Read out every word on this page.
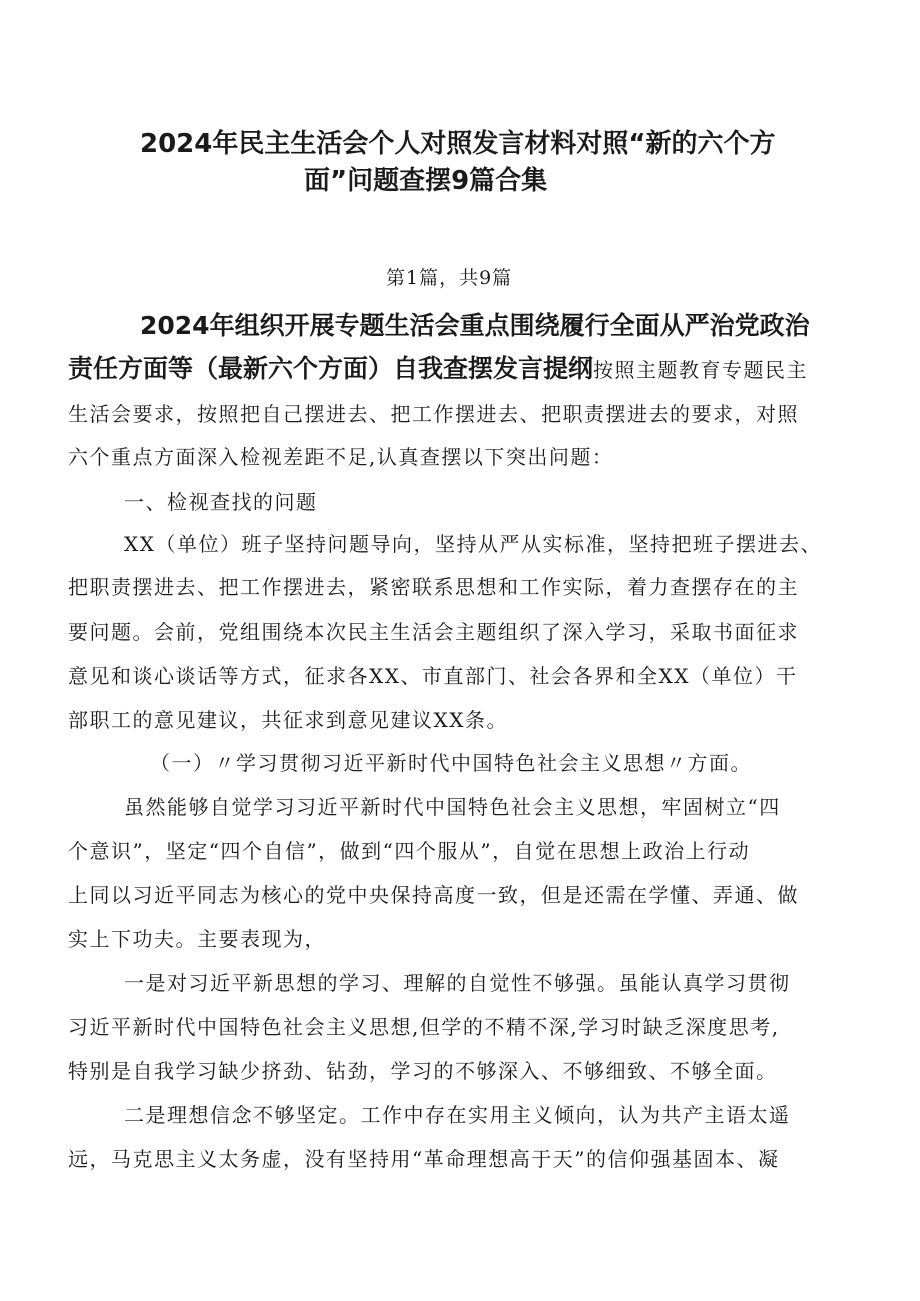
2024年民主生活会个人对照发言材料对照“新的六个方
面”问题查摆9篇合集
第1篇，共9篇
2024年组织开展专题生活会重点围绕履行全面从严治党政治
责任方面等（最新六个方面）自我查摆发言提纲按照主题教育专题民主
生活会要求，按照把自己摆进去、把工作摆进去、把职责摆进去的要求，对照
六个重点方面深入检视差距不足,认真查摆以下突出问题：
一、检视查找的问题
XX（单位）班子坚持问题导向，坚持从严从实标准，坚持把班子摆进去、
把职责摆进去、把工作摆进去，紧密联系思想和工作实际，着力查摆存在的主
要问题。会前，党组围绕本次民主生活会主题组织了深入学习，采取书面征求
意见和谈心谈话等方式，征求各XX、市直部门、社会各界和全XX（单位）干
部职工的意见建议，共征求到意见建议XX条。
（一）〃学习贯彻习近平新时代中国特色社会主义思想〃方面。
虽然能够自觉学习习近平新时代中国特色社会主义思想，牢固树立“四
个意识”，坚定“四个自信”，做到“四个服从”，自觉在思想上政治上行动
上同以习近平同志为核心的党中央保持高度一致，但是还需在学懂、弄通、做
实上下功夫。主要表现为，
一是对习近平新思想的学习、理解的自觉性不够强。虽能认真学习贯彻
习近平新时代中国特色社会主义思想,但学的不精不深,学习时缺乏深度思考,
特别是自我学习缺少挤劲、钻劲，学习的不够深入、不够细致、不够全面。
二是理想信念不够坚定。工作中存在实用主义倾向，认为共产主语太遥
远，马克思主义太务虚，没有坚持用“革命理想高于天”的信仰强基固本、凝
